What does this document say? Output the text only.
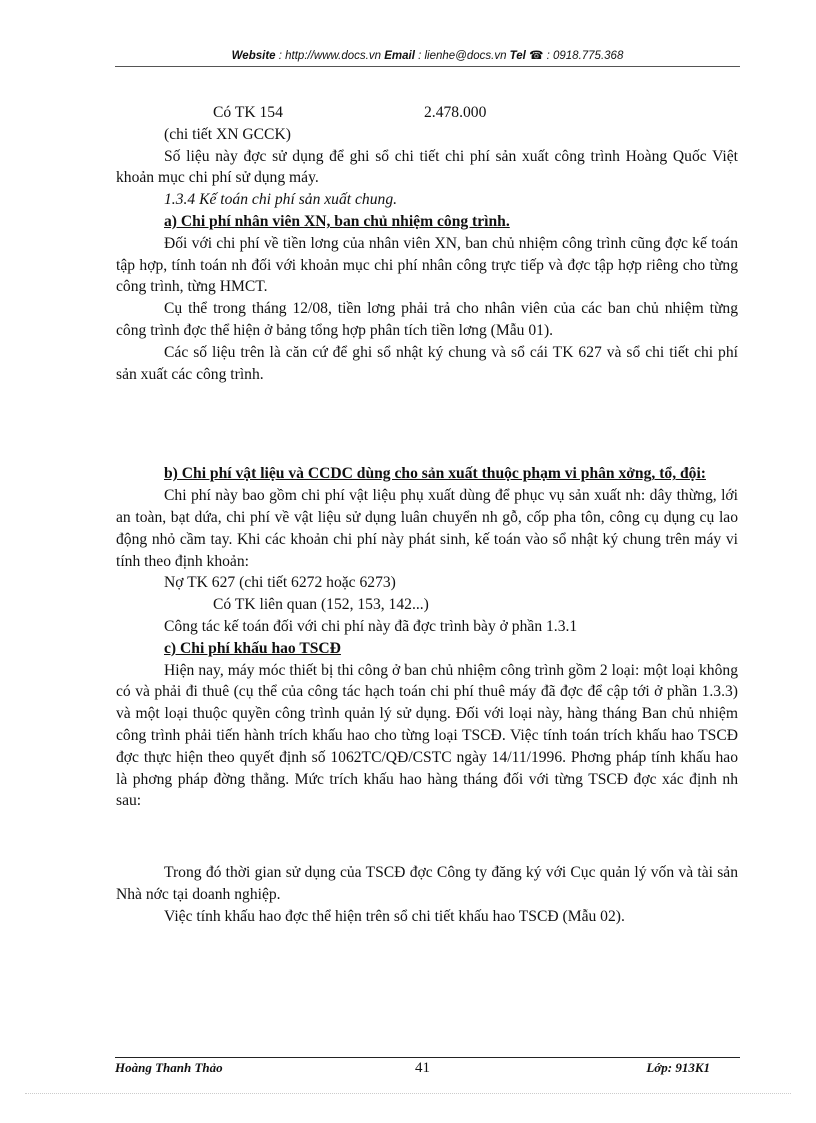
Website : http://www.docs.vn Email : lienhe@docs.vn Tel ☎ : 0918.775.368
Có TK 154	2.478.000

(chi tiết XN GCCK)

Số liệu này đợc sử dụng để ghi sổ chi tiết chi phí sản xuất công trình Hoàng Quốc Việt khoản mục chi phí sử dụng máy.

1.3.4 Kế toán chi phí sản xuất chung.

a) Chi phí nhân viên XN, ban chủ nhiệm công trình.

Đối với chi phí về tiền lơng của nhân viên XN, ban chủ nhiệm công trình cũng đợc kế toán tập hợp, tính toán nh đối với khoản mục chi phí nhân công trực tiếp và đợc tập hợp riêng cho từng công trình, từng HMCT.

Cụ thể trong tháng 12/08, tiền lơng phải trả cho nhân viên của các ban chủ nhiệm từng công trình đợc thể hiện ở bảng tổng hợp phân tích tiền lơng (Mẫu 01).

Các số liệu trên là căn cứ để ghi sổ nhật ký chung và sổ cái TK 627 và sổ chi tiết chi phí sản xuất các công trình.

b) Chi phí vật liệu và CCDC dùng cho sản xuất thuộc phạm vi phân xởng, tổ, đội:

Chi phí này bao gồm chi phí vật liệu phụ xuất dùng để phục vụ sản xuất nh: dây thừng, lới an toàn, bạt dứa, chi phí về vật liệu sử dụng luân chuyển nh gỗ, cốp pha tôn, công cụ dụng cụ lao động nhỏ cầm tay. Khi các khoản chi phí này phát sinh, kế toán vào sổ nhật ký chung trên máy vi tính theo định khoản:

Nợ TK 627 (chi tiết 6272 hoặc 6273)

Có TK liên quan (152, 153, 142...)

Công tác kế toán đối với chi phí này đã đợc trình bày ở phần 1.3.1

c) Chi phí khấu hao TSCĐ

Hiện nay, máy móc thiết bị thi công ở ban chủ nhiệm công trình gồm 2 loại: một loại không có và phải đi thuê (cụ thể của công tác hạch toán chi phí thuê máy đã đợc để cập tới ở phần 1.3.3) và một loại thuộc quyền công trình quản lý sử dụng. Đối với loại này, hàng tháng Ban chủ nhiệm công trình phải tiến hành trích khấu hao cho từng loại TSCĐ. Việc tính toán trích khấu hao TSCĐ đợc thực hiện theo quyết định số 1062TC/QĐ/CSTC ngày 14/11/1996. Phơng pháp tính khấu hao là phơng pháp đờng thẳng. Mức trích khấu hao hàng tháng đối với từng TSCĐ đợc xác định nh sau:

Trong đó thời gian sử dụng của TSCĐ đợc Công ty đăng ký với Cục quản lý vốn và tài sản Nhà nớc tại doanh nghiệp.

Việc tính khấu hao đợc thể hiện trên sổ chi tiết khấu hao TSCĐ (Mẫu 02).

Hoàng Thanh Thảo	41	Lớp: 913K1
